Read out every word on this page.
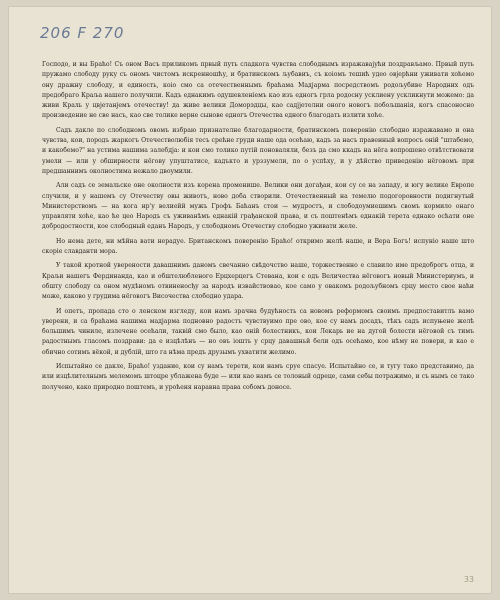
206 F 270

Господо, и вы Браћо! Съ оном Васъ приликомъ првый путь сладкога чувства слободнымъ изражавајући поздрављамо. Првый путь пружамо слободу руку съ ономъ чистомъ искренношћу, и братинскомъ љубавиъ, съ коіомъ тешић удео овјерћни уживати хоћемо ону дражну слободу, и единость, коіо смо са отечественнымъ браћама Мадјарма посредствомъ родољубиве Народних одъ предобраго Краља нашего получили. Кадъ еднакимъ одушевленіемъ као изъ едногъ грла родосну усклиену ускликнути можемо: да живи Краль у цвјетанјемъ отечеству! да живе велики Доморэдцы, као садјјетелни оного новогъ побољшанія, когъ спасоносно произведение не све насъ, као све толике верне сынове едногъ Отечества едного благодать излити хоће.

Садъ дакле по слободномъ овомъ избраю признателне благодарности, братинскомъ поверенію слободно изражавамо и она чувства, кои, породъ жаркогъ Отечестволюбія тесъ срећне груди наше ода осећаю, кадъ за насъ правенный вопросъ оній "штабемо, и какобемо?" на устима нашима залебдја: и кои смо толико путій поноваляли, безъ да смо ккадъ на нёга вопрошено отвѣтствовати умели — или у обширности нёгову упуштатисе, кадъкто и урззумели, по о успѣху, и у дѣйство приведенію нёговомъ при предшаннимъ околностима нежало двоумили.

Али садъ се земальске оне околности изъ корена променише. Велики они догађаи, кои су се на западу, и югу велике Европе случили, и у нашемъ су Отечеству овы животъ, ново доба створили. Отечественный на темелю подогоровности подигнутый Министерствомъ — на кога нр'у велиейй мужъ Грофъ Баћанъ стои — мудростъ, и слободоумиешимъ свомъ кормило онаго управляти хоће, као ће цео Народъ съ уживанѣмъ еднакій грађанской права, и съ поштенѣмъ еднакій терета еднако осћати оне добродостности, кое слободный еданъ Народъ, у слободномъ Отечеству слободно уживати желе.

Но нема дете, ни мѣйна вати нерадуе. Британскомъ поверенію Браћо! откримо желѣ наше, и Вера Богъ! испуніо наше што скорiе славданти мора.

У такой кротной уверености давашнимъ даномъ свечанно свѣдочство наше, торжественно е славило име предоброгъ отца, и Краљи нашегъ Фердинанда, као и обштелюбленого Ерцхерцегъ Стевана, кои є одъ Величества нёговогъ новый Министериумъ, и обшту слободу са оном мудѣномъ отвиненосђу за народъ извайствовао, кое само у овакомъ родољубномъ срцу место свое наћи може, каково у грудима нёговогъ Височества слободно удара.

И опетъ, пропада сто о ленском изгледу, кои намъ зрачна будућность са новомъ реформомъ своимъ предпоставитлъ вамо уверени, и са браћама нашима мадјарма подновно радостъ чувствуимо пре ово, кое су намъ досадъ, тѣкъ садъ испуњене желѣ большимъ чиниле, излечене осећали, таквій смо было, као оній болестникъ, кои Лекарь ие на дугой болести нёговой съ тимъ радостнымъ гласомъ поздрави: да е изцѣлѣнъ — но овъ іошть у срцу давашньй бели одъ осећамо, кое нѣму не повери, и као е обично сотимъ вёкой, и дублій, што га нѣма предъ друзымъ ухватити желимо.

Испытайно се дакле, Браћо! уздание, кои су намъ терети, кои намъ сруе спасуе. Испытайно се, и тугу тако представимо, да или изцѣлителнымъ мелемомъ штоцре ублажена буде — или као намъ се толоный одреце, сами себы потражимо, и съ нымъ се тако получено, како природно поштемъ, и уроћеня наравна права собомъ доносе.

33
